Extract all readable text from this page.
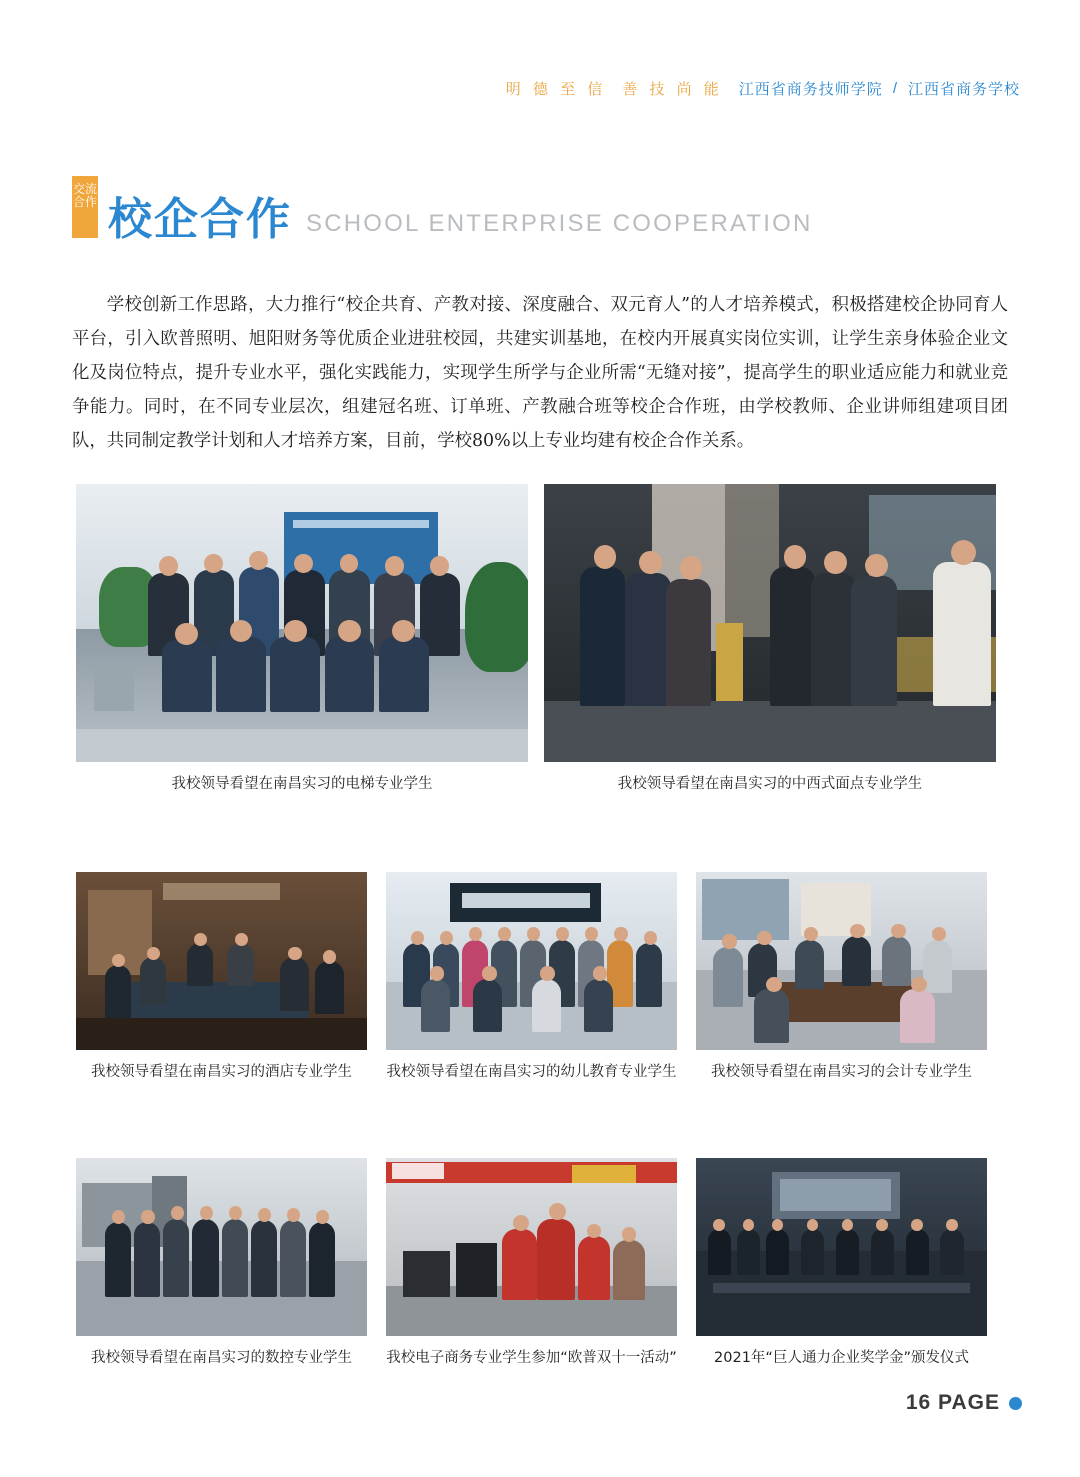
明 德 至 信 善 技 尚 能 江西省商务技师学院 / 江西省商务学校
交流
合作 校企合作 SCHOOL ENTERPRISE COOPERATION
学校创新工作思路，大力推行“校企共育、产教对接、深度融合、双元育人”的人才培养模式，积极搭建校企协同育人平台，引入欧普照明、旭阳财务等优质企业进驻校园，共建实训基地，在校内开展真实岗位实训，让学生亲身体验企业文化及岗位特点，提升专业水平，强化实践能力，实现学生所学与企业所需“无缝对接”，提高学生的职业适应能力和就业竞争能力。同时，在不同专业层次，组建冠名班、订单班、产教融合班等校企合作班，由学校教师、企业讲师组建项目团队，共同制定教学计划和人才培养方案，目前，学校80%以上专业均建有校企合作关系。
我校领导看望在南昌实习的电梯专业学生	我校领导看望在南昌实习的中西式面点专业学生
我校领导看望在南昌实习的酒店专业学生	我校领导看望在南昌实习的幼儿教育专业学生	我校领导看望在南昌实习的会计专业学生
我校领导看望在南昌实习的数控专业学生	我校电子商务专业学生参加“欧普双十一活动”	2021年“巨人通力企业奖学金”颁发仪式
16 PAGE
